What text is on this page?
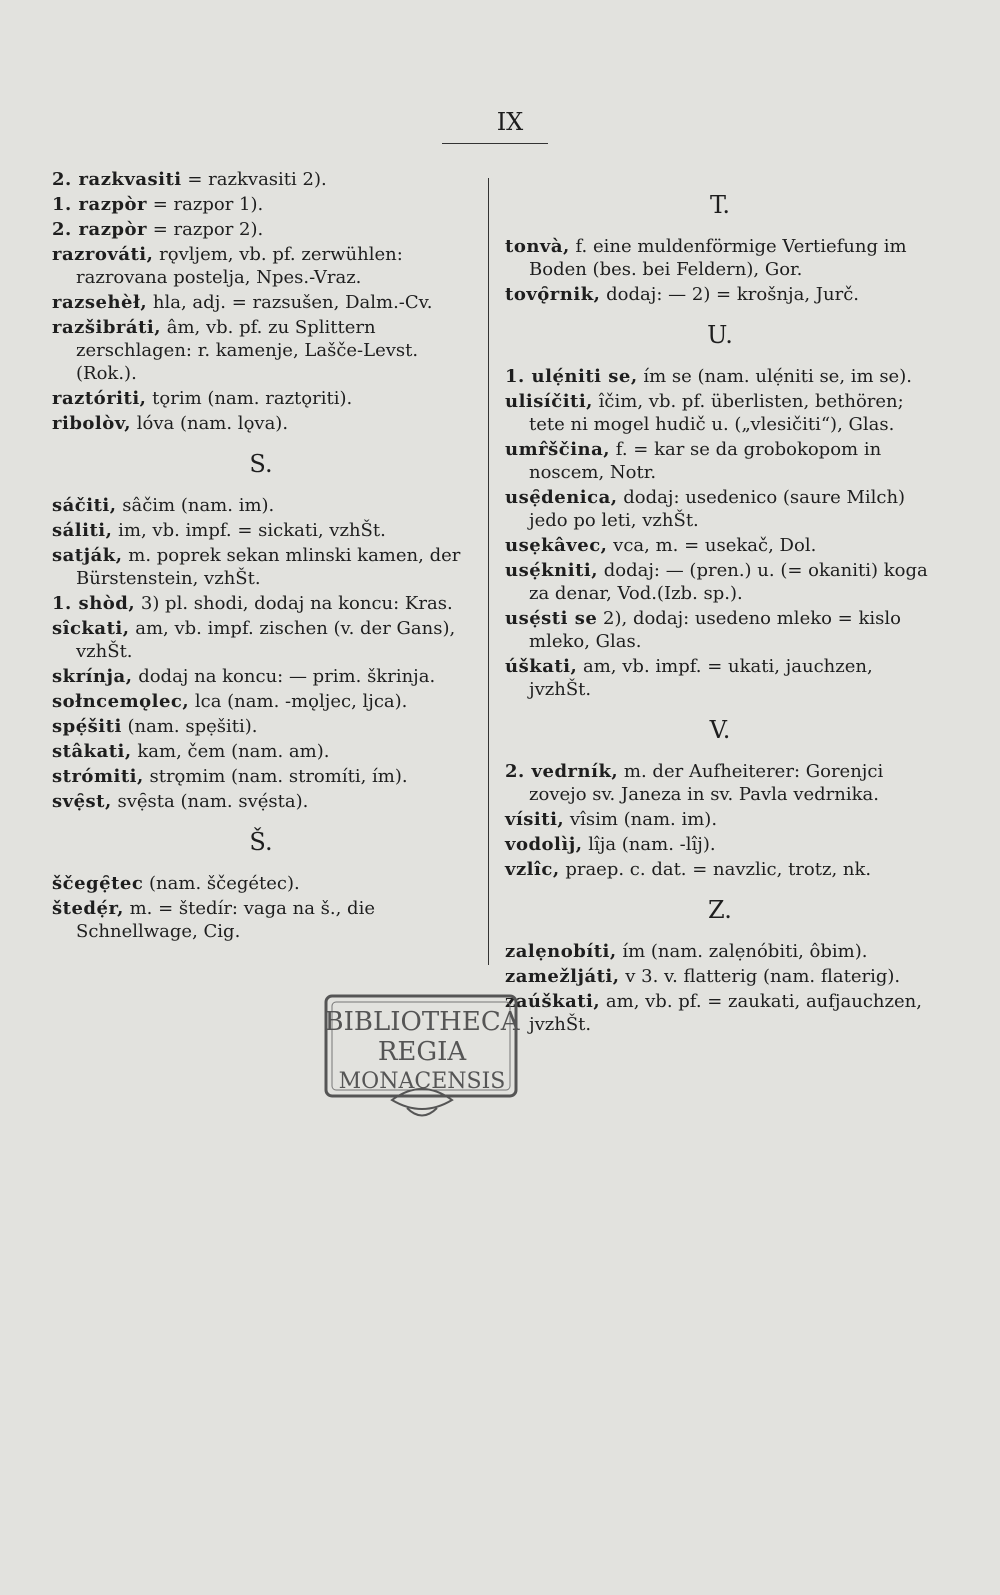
IX
2. razkvasiti = razkvasiti 2).
1. razpòr = razpor 1).
2. razpòr = razpor 2).
razrováti, rǫvljem, vb. pf. zerwühlen: razrovana postelja, Npes.-Vraz.
razsehèł, hla, adj. = razsušen, Dalm.-Cv.
razšibráti, âm, vb. pf. zu Splittern zerschlagen: r. kamenje, Lašče-Levst.(Rok.).
raztóriti, tǫrim (nam. raztǫriti).
ribolòv, lóva (nam. lǫva).
S.
sáčiti, sâčim (nam. im).
sáliti, im, vb. impf. = sickati, vzhŠt.
satják, m. poprek sekan mlinski kamen, der Bürstenstein, vzhŠt.
1. shòd, 3) pl. shodi, dodaj na koncu: Kras.
sîckati, am, vb. impf. zischen (v. der Gans), vzhŠt.
skrínja, dodaj na koncu: — prim. škrinja.
sołncemǫlec, lca (nam. -mǫljec, ljca).
spẹ́šiti (nam. spẹšiti).
stâkati, kam, čem (nam. am).
strómiti, strǫmim (nam. stromíti, ím).
svẹ̑st, svẹ̑sta (nam. svẹ́sta).
Š.
ščegẹ̑tec (nam. ščegétec).
štedẹ́r, m. = štedír: vaga na š., die Schnellwage, Cig.
T.
tonvà, f. eine muldenförmige Vertiefung im Boden (bes. bei Feldern), Gor.
tovǫ̑rnik, dodaj: — 2) = krošnja, Jurč.
U.
1. ulẹ́niti se, ím se (nam. ulẹ́niti se, im se).
ulisíčiti, îčim, vb. pf. überlisten, bethören; tete ni mogel hudič u. („vlesičiti“), Glas.
umr̂ščina, f. = kar se da grobokopom in noscem, Notr.
usẹ̑denica, dodaj: usedenico (saure Milch) jedo po leti, vzhŠt.
usẹkâvec, vca, m. = usekač, Dol.
usẹ́kniti, dodaj: — (pren.) u. (= okaniti) koga za denar, Vod.(Izb. sp.).
usẹ́sti se 2), dodaj: usedeno mleko = kislo mleko, Glas.
úškati, am, vb. impf. = ukati, jauchzen, jvzhŠt.
V.
2. vedrník, m. der Aufheiterer: Gorenjci zovejo sv. Janeza in sv. Pavla vedrnika.
vísiti, vîsim (nam. im).
vodolìj, lîja (nam. -lîj).
vzlîc, praep. c. dat. = navzlic, trotz, nk.
Z.
zalẹnobíti, ím (nam. zalẹnóbiti, ôbim).
zamežljáti, v 3. v. flatterig (nam. flaterig).
zaúškati, am, vb. pf. = zaukati, aufjauchzen, jvzhŠt.
BIBLIOTHECA
REGIA
MONACENSIS
